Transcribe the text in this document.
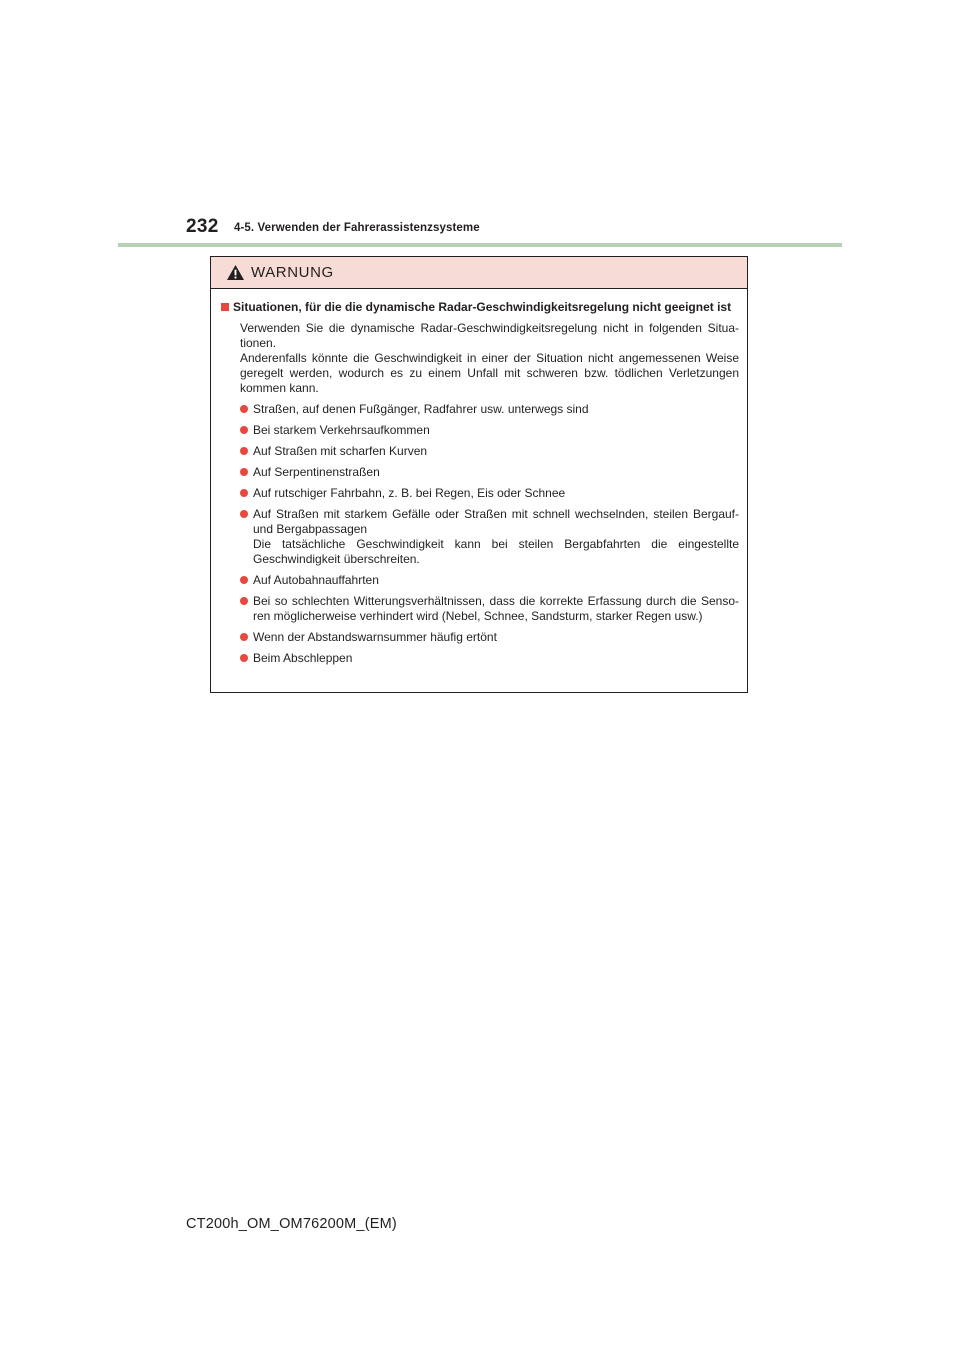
232 4-5. Verwenden der Fahrerassistenzsysteme
WARNUNG
Situationen, für die die dynamische Radar-Geschwindigkeitsregelung nicht geeignet ist
Verwenden Sie die dynamische Radar-Geschwindigkeitsregelung nicht in folgenden Situa-tionen.
Anderenfalls könnte die Geschwindigkeit in einer der Situation nicht angemessenen Weise geregelt werden, wodurch es zu einem Unfall mit schweren bzw. tödlichen Verletzungen kommen kann.
Straßen, auf denen Fußgänger, Radfahrer usw. unterwegs sind
Bei starkem Verkehrsaufkommen
Auf Straßen mit scharfen Kurven
Auf Serpentinenstraßen
Auf rutschiger Fahrbahn, z. B. bei Regen, Eis oder Schnee
Auf Straßen mit starkem Gefälle oder Straßen mit schnell wechselnden, steilen Bergauf- und Bergabpassagen
Die tatsächliche Geschwindigkeit kann bei steilen Bergabfahrten die eingestellte Geschwindigkeit überschreiten.
Auf Autobahnauffahrten
Bei so schlechten Witterungsverhältnissen, dass die korrekte Erfassung durch die Senso-ren möglicherweise verhindert wird (Nebel, Schnee, Sandsturm, starker Regen usw.)
Wenn der Abstandswarnsummer häufig ertönt
Beim Abschleppen
CT200h_OM_OM76200M_(EM)
